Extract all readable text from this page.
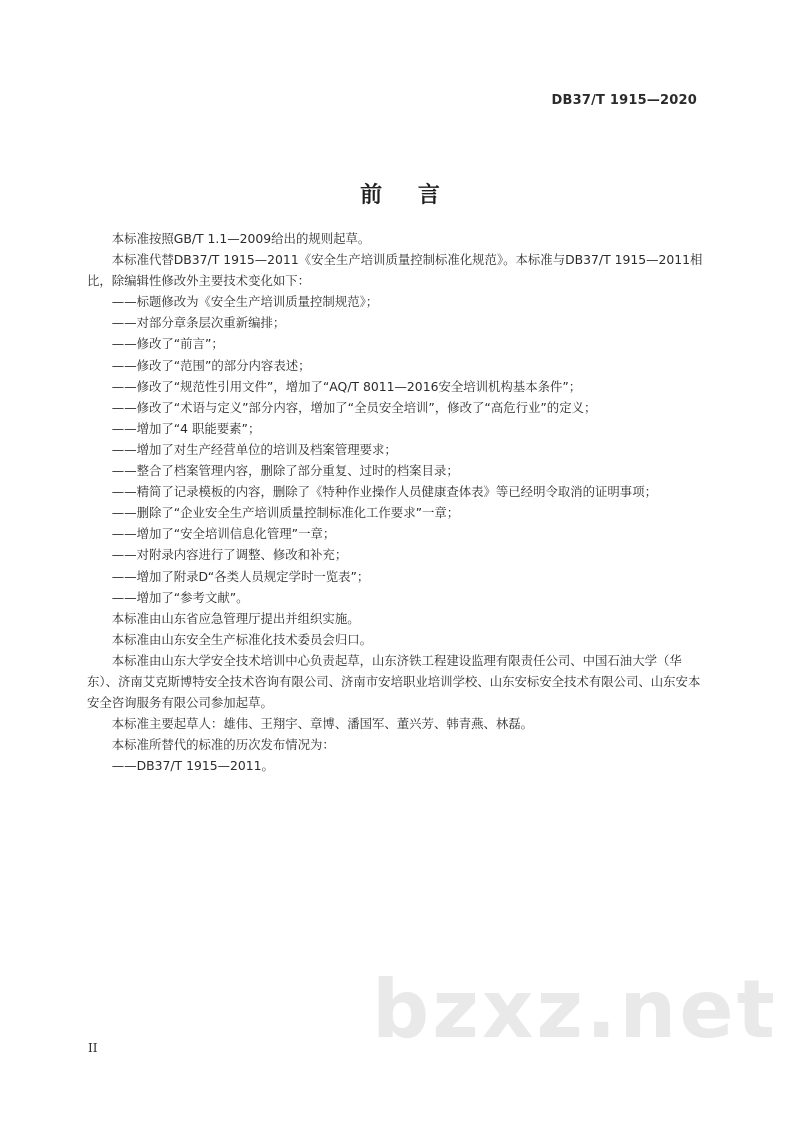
DB37/T 1915—2020
前 言

本标准按照GB/T 1.1—2009给出的规则起草。

本标准代替DB37/T 1915—2011《安全生产培训质量控制标准化规范》。本标准与DB37/T 1915—2011相比，除编辑性修改外主要技术变化如下：

——标题修改为《安全生产培训质量控制规范》；

——对部分章条层次重新编排；

——修改了“前言”；

——修改了“范围”的部分内容表述；

——修改了“规范性引用文件”，增加了“AQ/T 8011—2016安全培训机构基本条件”；

——修改了“术语与定义”部分内容，增加了“全员安全培训”，修改了“高危行业”的定义；

——增加了“4 职能要素”；

——增加了对生产经营单位的培训及档案管理要求；

——整合了档案管理内容，删除了部分重复、过时的档案目录；

——精简了记录模板的内容，删除了《特种作业操作人员健康查体表》等已经明令取消的证明事项；

——删除了“企业安全生产培训质量控制标准化工作要求”一章；

——增加了“安全培训信息化管理”一章；

——对附录内容进行了调整、修改和补充；

——增加了附录D“各类人员规定学时一览表”；

——增加了“参考文献”。

本标准由山东省应急管理厅提出并组织实施。

本标准由山东安全生产标准化技术委员会归口。

本标准由山东大学安全技术培训中心负责起草，山东济铁工程建设监理有限责任公司、中国石油大学（华东）、济南艾克斯博特安全技术咨询有限公司、济南市安培职业培训学校、山东安标安全技术有限公司、山东安本安全咨询服务有限公司参加起草。

本标准主要起草人：雄伟、王翔宇、章博、潘国军、董兴芳、韩青燕、林磊。

本标准所替代的标准的历次发布情况为：

——DB37/T 1915—2011。

bzxz.net
II
